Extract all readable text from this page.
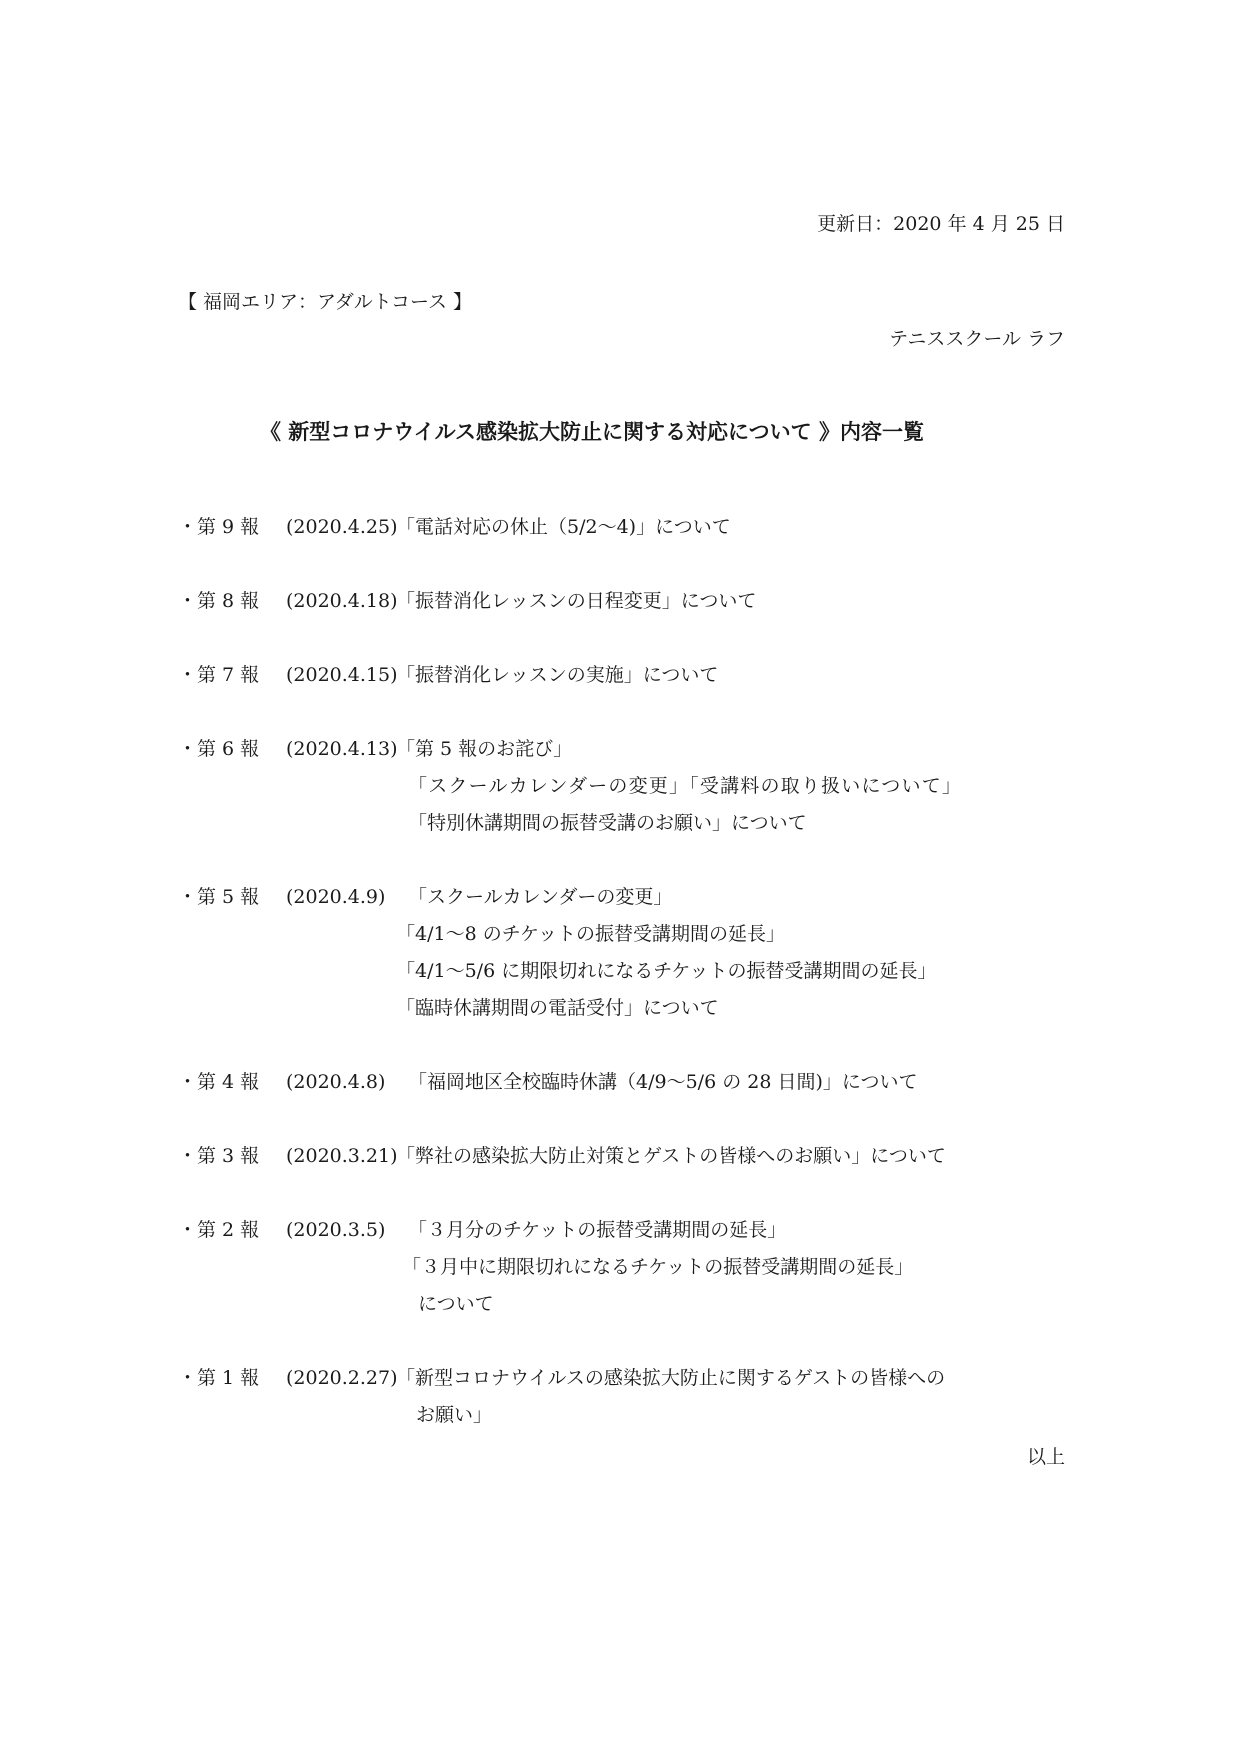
更新日：2020 年 4 月 25 日
【 福岡エリア：アダルトコース 】
テニススクール ラフ
《 新型コロナウイルス感染拡大防止に関する対応について 》内容一覧
・第 9 報 (2020.4.25)
「電話対応の休止（5/2〜4)」について
・第 8 報 (2020.4.18)
「振替消化レッスンの日程変更」について
・第 7 報 (2020.4.15)
「振替消化レッスンの実施」について
・第 6 報 (2020.4.13)
「第 5 報のお詫び」
「スクールカレンダーの変更」「受講料の取り扱いについて」
「特別休講期間の振替受講のお願い」について
・第 5 報 (2020.4.9) 「スクールカレンダーの変更」
「4/1〜8 のチケットの振替受講期間の延長」
「4/1〜5/6 に期限切れになるチケットの振替受講期間の延長」
「臨時休講期間の電話受付」について
・第 4 報 (2020.4.8) 「福岡地区全校臨時休講（4/9〜5/6 の 28 日間)」について
・第 3 報 (2020.3.21)
「弊社の感染拡大防止対策とゲストの皆様へのお願い」について
・第 2 報 (2020.3.5) 「３月分のチケットの振替受講期間の延長」
「３月中に期限切れになるチケットの振替受講期間の延長」
について
・第 1 報 (2020.2.27)
「新型コロナウイルスの感染拡大防止に関するゲストの皆様への
お願い」
以上
